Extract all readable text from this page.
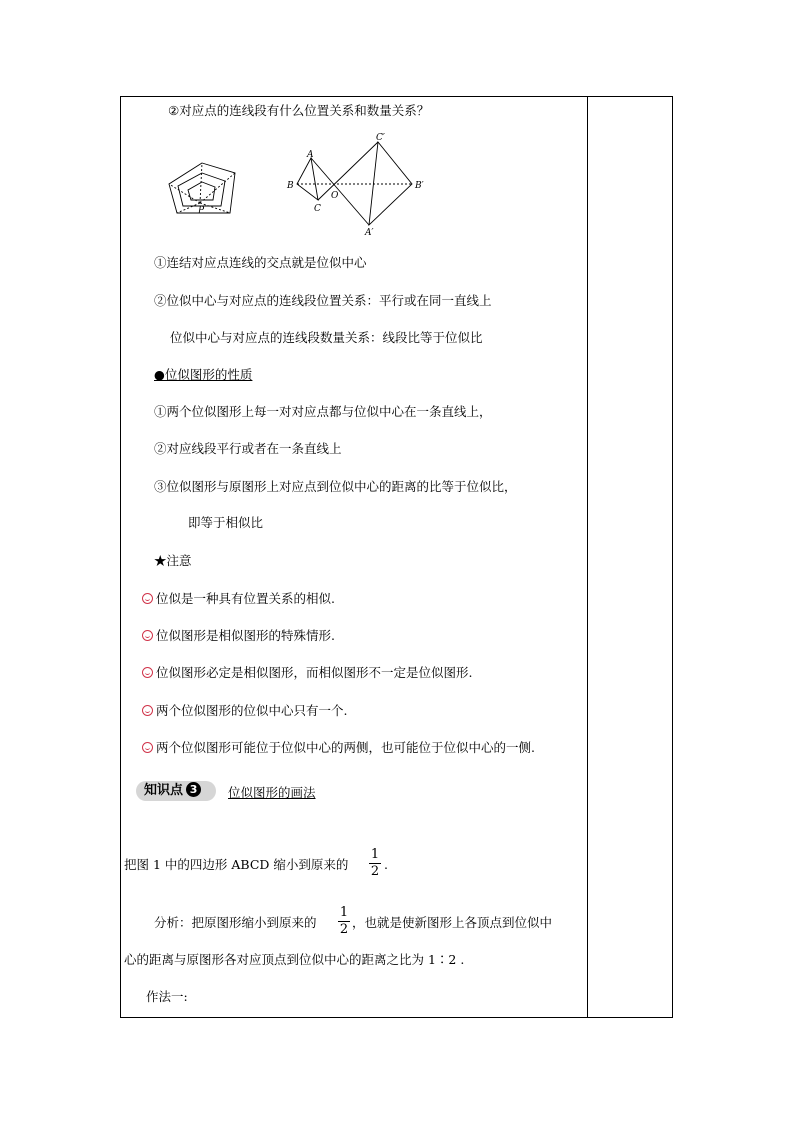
②对应点的连线段有什么位置关系和数量关系？
P
A
B
C
O
C′
B′
A′
①连结对应点连线的交点就是位似中心
②位似中心与对应点的连线段位置关系：平行或在同一直线上
位似中心与对应点的连线段数量关系：线段比等于位似比
●位似图形的性质
①两个位似图形上每一对对应点都与位似中心在一条直线上，
②对应线段平行或者在一条直线上
③位似图形与原图形上对应点到位似中心的距离的比等于位似比，
即等于相似比
★注意
位似是一种具有位置关系的相似.
位似图形是相似图形的特殊情形.
位似图形必定是相似图形，而相似图形不一定是位似图形.
两个位似图形的位似中心只有一个.
两个位似图形可能位于位似中心的两侧，也可能位于位似中心的一侧.
知识点 3	位似图形的画法
把图 1 中的四边形 ABCD 缩小到原来的
1
2 .
分析：把原图形缩小到原来的
1
2 ，也就是使新图形上各顶点到位似中
心的距离与原图形各对应顶点到位似中心的距离之比为 1∶2 .
作法一:
